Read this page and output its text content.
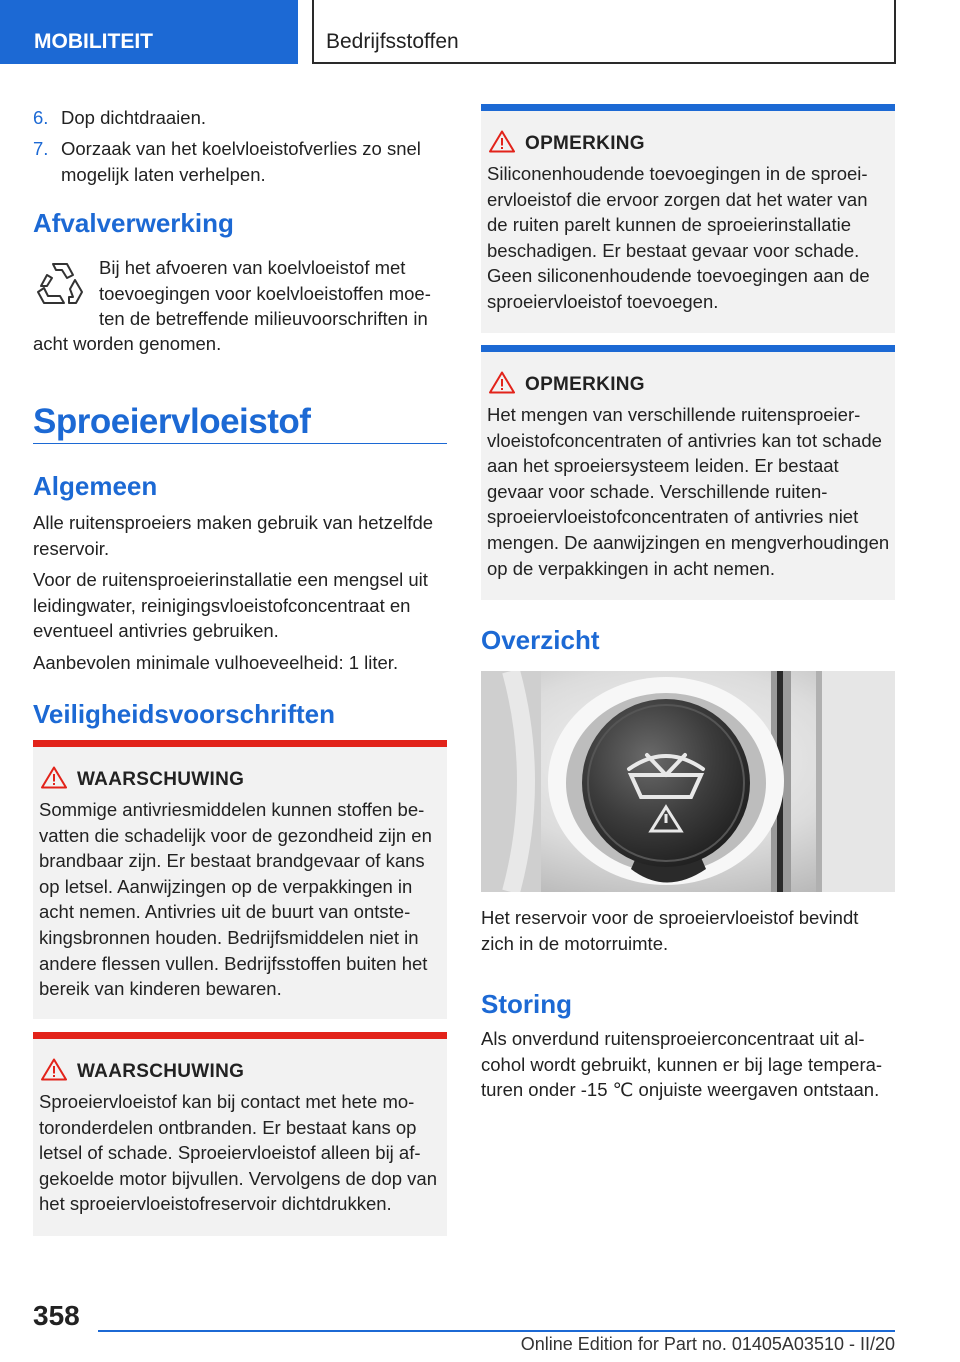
MOBILITEIT	Bedrijfsstoffen
6. Dop dichtdraaien.
7. Oorzaak van het koelvloeistofverlies zo snel mogelijk laten verhelpen.
Afvalverwerking

Bij het afvoeren van koelvloeistof met toevoegingen voor koelvloeistoffen moeten de betreffende milieuvoorschriften in

acht worden genomen.

Sproeiervloeistof
Algemeen

Alle ruitensproeiers maken gebruik van hetzelfde reservoir.

Voor de ruitensproeierinstallatie een mengsel uit leidingwater, reinigingsvloeistofconcentraat en eventueel antivries gebruiken.

Aanbevolen minimale vulhoeveelheid: 1 liter.

Veiligheidsvoorschriften
WAARSCHUWING
Sommige antivriesmiddelen kunnen stoffen bevatten die schadelijk voor de gezondheid zijn en brandbaar zijn. Er bestaat brandgevaar of kans op letsel. Aanwijzingen op de verpakkingen in acht nemen. Antivries uit de buurt van ontstekingsbronnen houden. Bedrijfsmiddelen niet in andere flessen vullen. Bedrijfsstoffen buiten het bereik van kinderen bewaren.
WAARSCHUWING
Sproeiervloeistof kan bij contact met hete motoronderdelen ontbranden. Er bestaat kans op letsel of schade. Sproeiervloeistof alleen bij afgekoelde motor bijvullen. Vervolgens de dop van het sproeiervloeistofreservoir dichtdrukken.
OPMERKING
Siliconenhoudende toevoegingen in de sproeiervloeistof die ervoor zorgen dat het water van de ruiten parelt kunnen de sproeierinstallatie beschadigen. Er bestaat gevaar voor schade. Geen siliconenhoudende toevoegingen aan de sproeiervloeistof toevoegen.
OPMERKING
Het mengen van verschillende ruitensproeiervloeistofconcentraten of antivries kan tot schade aan het sproeiersysteem leiden. Er bestaat gevaar voor schade. Verschillende ruitensproeiervloeistofconcentraten of antivries niet mengen. De aanwijzingen en mengverhoudingen op de verpakkingen in acht nemen.
Overzicht

Het reservoir voor de sproeiervloeistof bevindt zich in de motorruimte.

Storing

Als onverdund ruitensproeierconcentraat uit alcohol wordt gebruikt, kunnen er bij lage temperaturen onder -15 ℃ onjuiste weergaven ontstaan.

358
Online Edition for Part no. 01405A03510 - II/20
